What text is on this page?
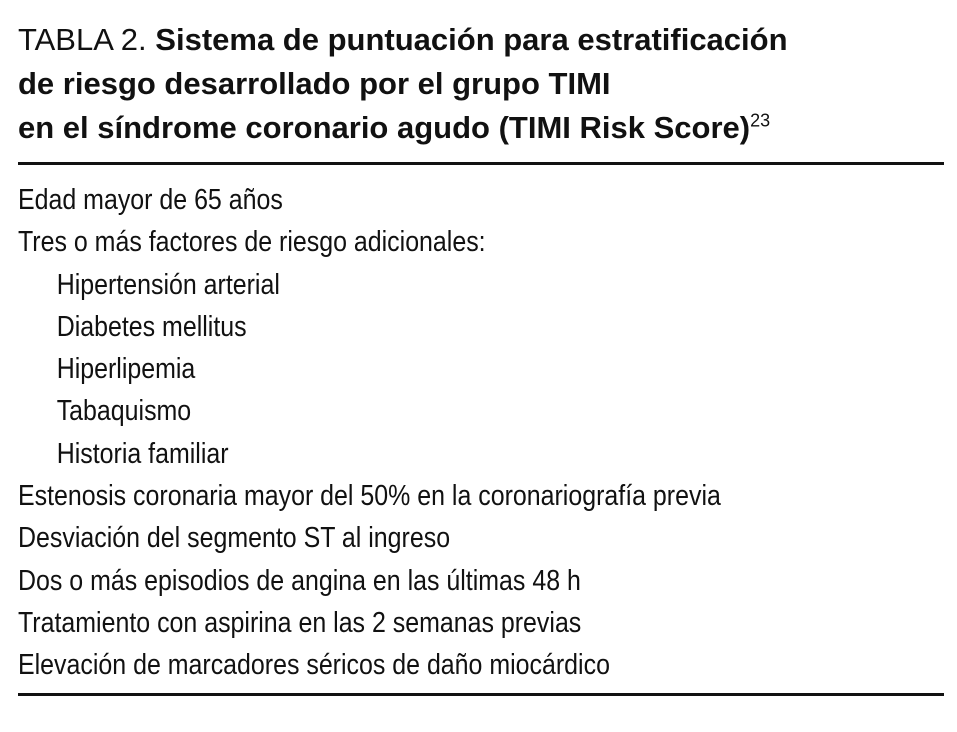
TABLA 2. Sistema de puntuación para estratificación
de riesgo desarrollado por el grupo TIMI
en el síndrome coronario agudo (TIMI Risk Score)$^{23}$

Edad mayor de 65 años
Tres o más factores de riesgo adicionales:
Hipertensión arterial
Diabetes mellitus
Hiperlipemia
Tabaquismo
Historia familiar
Estenosis coronaria mayor del 50% en la coronariografía previa
Desviación del segmento ST al ingreso
Dos o más episodios de angina en las últimas 48 h
Tratamiento con aspirina en las 2 semanas previas
Elevación de marcadores séricos de daño miocárdico
